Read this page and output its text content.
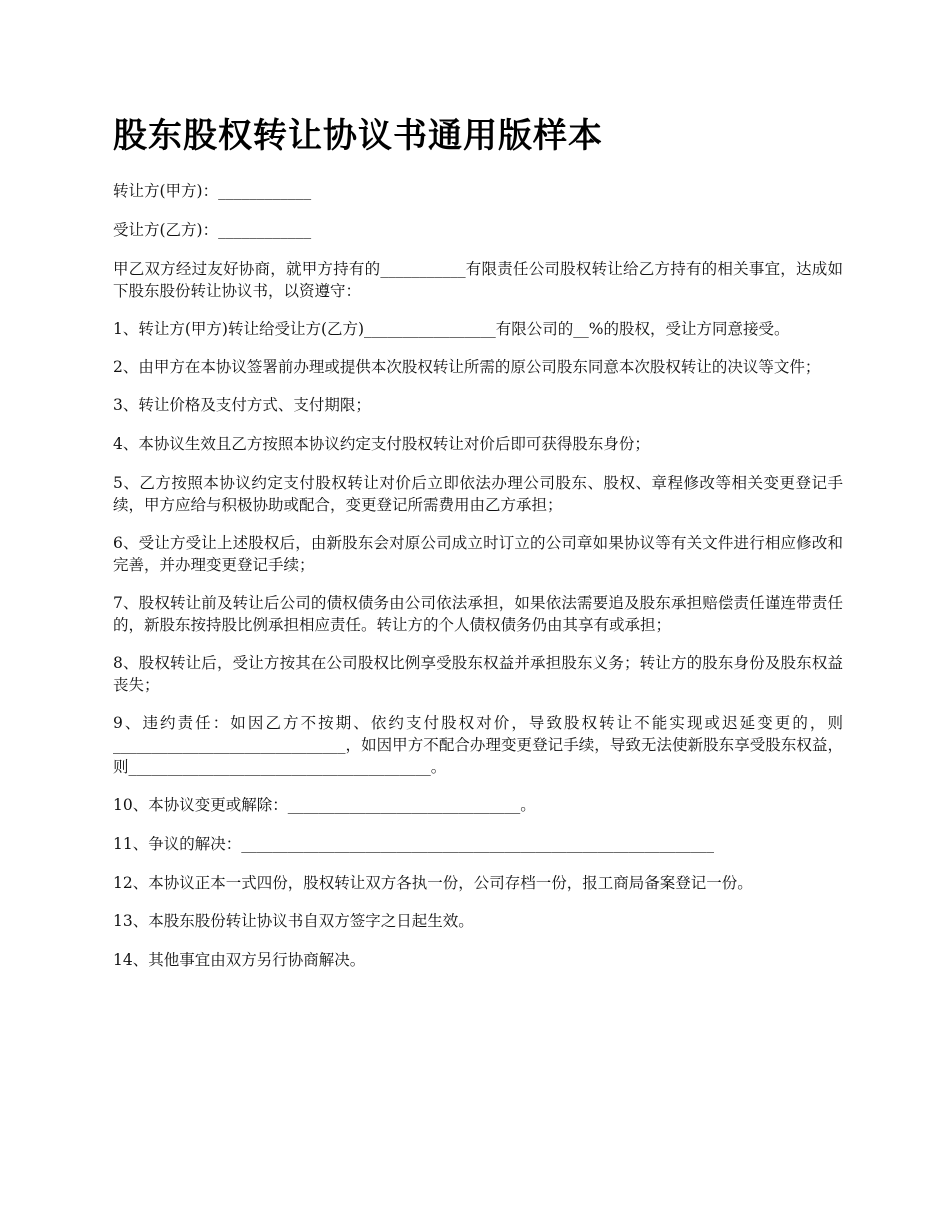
股东股权转让协议书通用版样本

转让方(甲方)：____________

受让方(乙方)：____________

甲乙双方经过友好协商，就甲方持有的___________有限责任公司股权转让给乙方持有的相关事宜，达成如下股东股份转让协议书，以资遵守：

1、转让方(甲方)转让给受让方(乙方)_________________有限公司的__%的股权，受让方同意接受。

2、由甲方在本协议签署前办理或提供本次股权转让所需的原公司股东同意本次股权转让的决议等文件；

3、转让价格及支付方式、支付期限；

4、本协议生效且乙方按照本协议约定支付股权转让对价后即可获得股东身份；

5、乙方按照本协议约定支付股权转让对价后立即依法办理公司股东、股权、章程修改等相关变更登记手续，甲方应给与积极协助或配合，变更登记所需费用由乙方承担；

6、受让方受让上述股权后，由新股东会对原公司成立时订立的公司章如果协议等有关文件进行相应修改和完善，并办理变更登记手续；

7、股权转让前及转让后公司的债权债务由公司依法承担，如果依法需要追及股东承担赔偿责任谨连带责任的，新股东按持股比例承担相应责任。转让方的个人债权债务仍由其享有或承担；

8、股权转让后，受让方按其在公司股权比例享受股东权益并承担股东义务；转让方的股东身份及股东权益丧失；

9、违约责任：如因乙方不按期、依约支付股权对价，导致股权转让不能实现或迟延变更的，则______________________________，如因甲方不配合办理变更登记手续，导致无法使新股东享受股东权益，则_______________________________________。

10、本协议变更或解除：______________________________。

11、争议的解决：_____________________________________________________________

12、本协议正本一式四份，股权转让双方各执一份，公司存档一份，报工商局备案登记一份。

13、本股东股份转让协议书自双方签字之日起生效。

14、其他事宜由双方另行协商解决。
